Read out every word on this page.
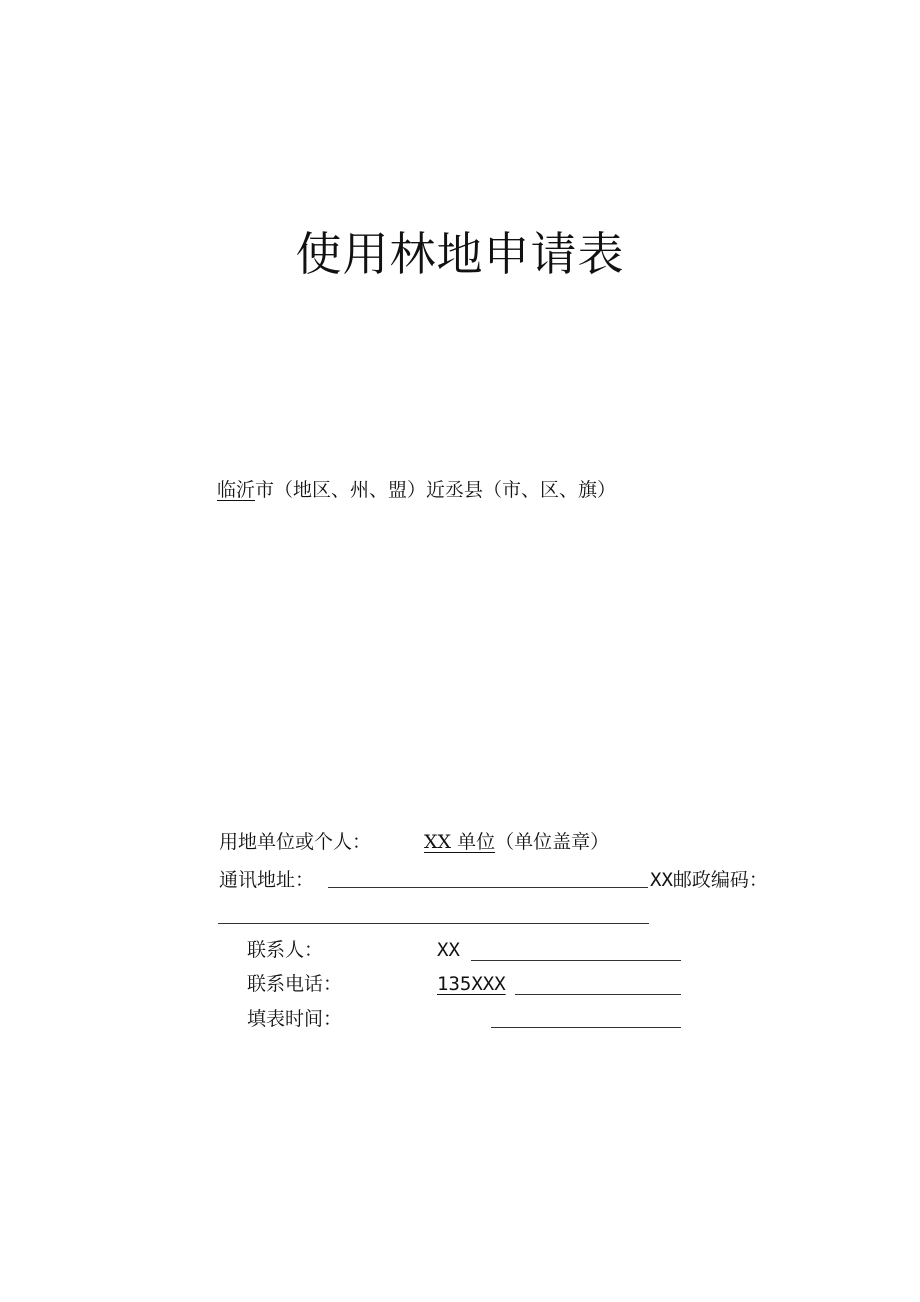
使用林地申请表
临沂市（地区、州、盟）近丞县（市、区、旗）
用地单位或个人：	XX 单位（单位盖章）
通讯地址：	XX邮政编码：
联系人：	XX
联系电话：	135XXX
填表时间：
